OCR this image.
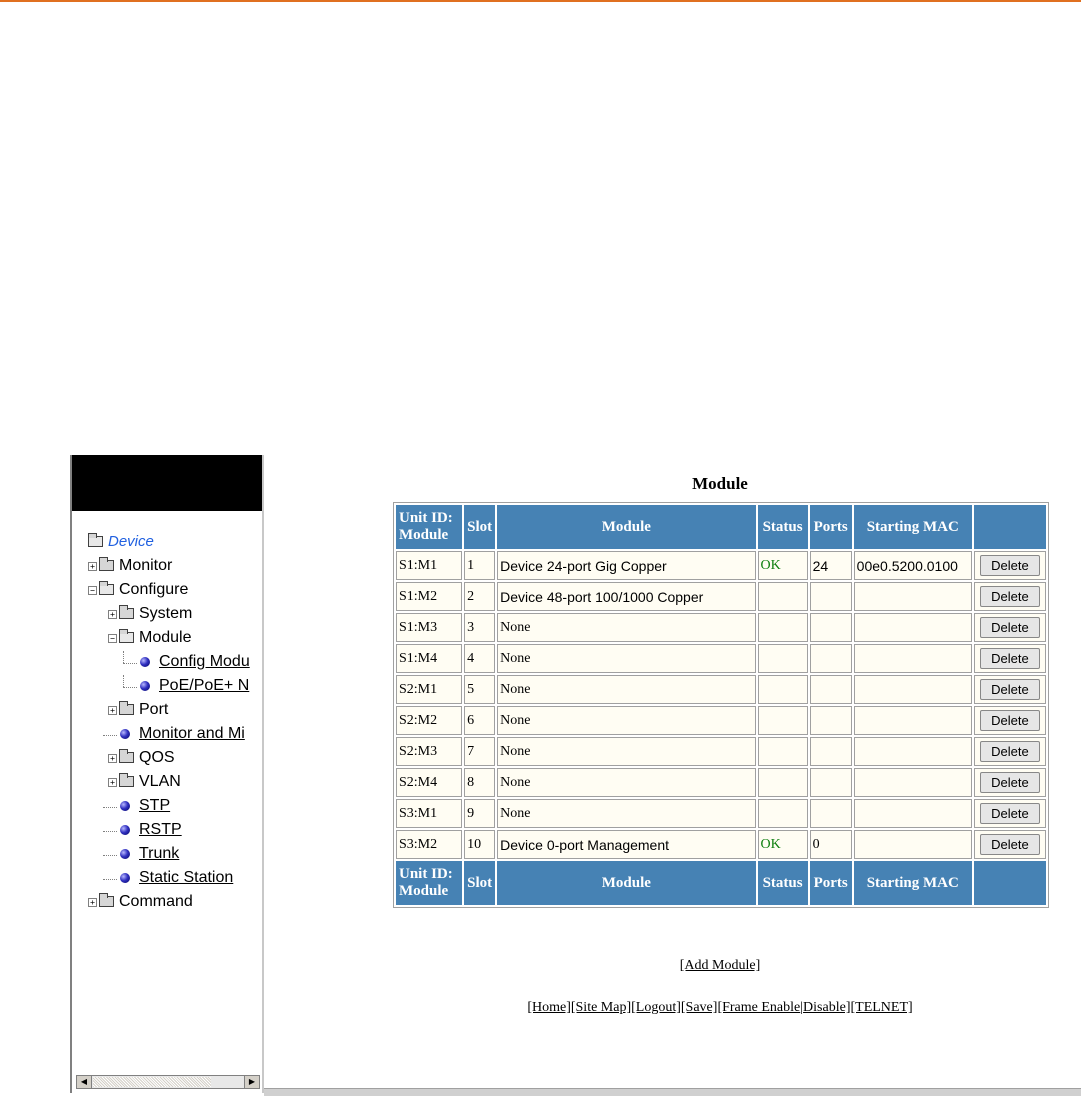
Device
+ Monitor
− Configure
+ System
− Module
Config Modu
PoE/PoE+ N
+ Port
Monitor and Mi
+ QOS
+ VLAN
STP
RSTP
Trunk
Static Station
+ Command
◀	▶
Module
Unit ID: Module	Slot	Module	Status	Ports	Starting MAC	
S1:M1	1	Device 24-port Gig Copper	OK	24	00e0.5200.0100	Delete
S1:M2	2	Device 48-port 100/1000 Copper				Delete
S1:M3	3	None				Delete
S1:M4	4	None				Delete
S2:M1	5	None				Delete
S2:M2	6	None				Delete
S2:M3	7	None				Delete
S2:M4	8	None				Delete
S3:M1	9	None				Delete
S3:M2	10	Device 0-port Management	OK	0		Delete
Unit ID: Module	Slot	Module	Status	Ports	Starting MAC	
[Add Module]
[Home][Site Map][Logout][Save][Frame Enable|Disable][TELNET]
